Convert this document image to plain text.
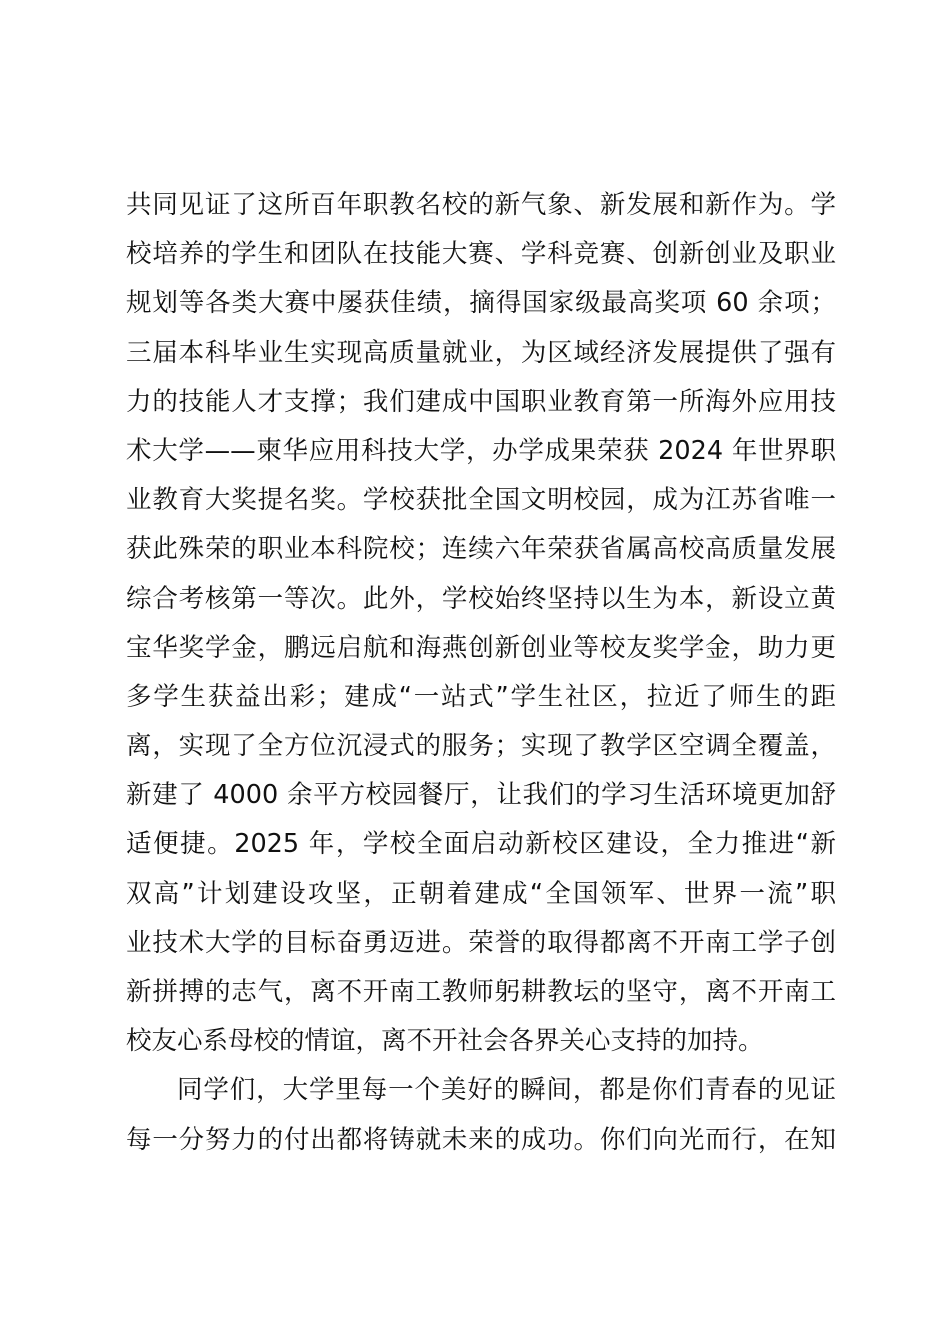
共同见证了这所百年职教名校的新气象、新发展和新作为。学
校培养的学生和团队在技能大赛、学科竞赛、创新创业及职业
规划等各类大赛中屡获佳绩，摘得国家级最高奖项 60 余项；
三届本科毕业生实现高质量就业，为区域经济发展提供了强有
力的技能人才支撑；我们建成中国职业教育第一所海外应用技
术大学——柬华应用科技大学，办学成果荣获 2024 年世界职
业教育大奖提名奖。学校获批全国文明校园，成为江苏省唯一
获此殊荣的职业本科院校；连续六年荣获省属高校高质量发展
综合考核第一等次。此外，学校始终坚持以生为本，新设立黄
宝华奖学金，鹏远启航和海燕创新创业等校友奖学金，助力更
多学生获益出彩；建成“一站式”学生社区，拉近了师生的距
离，实现了全方位沉浸式的服务；实现了教学区空调全覆盖，
新建了 4000 余平方校园餐厅，让我们的学习生活环境更加舒
适便捷。2025 年，学校全面启动新校区建设，全力推进“新
双高”计划建设攻坚，正朝着建成“全国领军、世界一流”职
业技术大学的目标奋勇迈进。荣誉的取得都离不开南工学子创
新拼搏的志气，离不开南工教师躬耕教坛的坚守，离不开南工
校友心系母校的情谊，离不开社会各界关心支持的加持。
同学们，大学里每一个美好的瞬间，都是你们青春的见证
每一分努力的付出都将铸就未来的成功。你们向光而行，在知
